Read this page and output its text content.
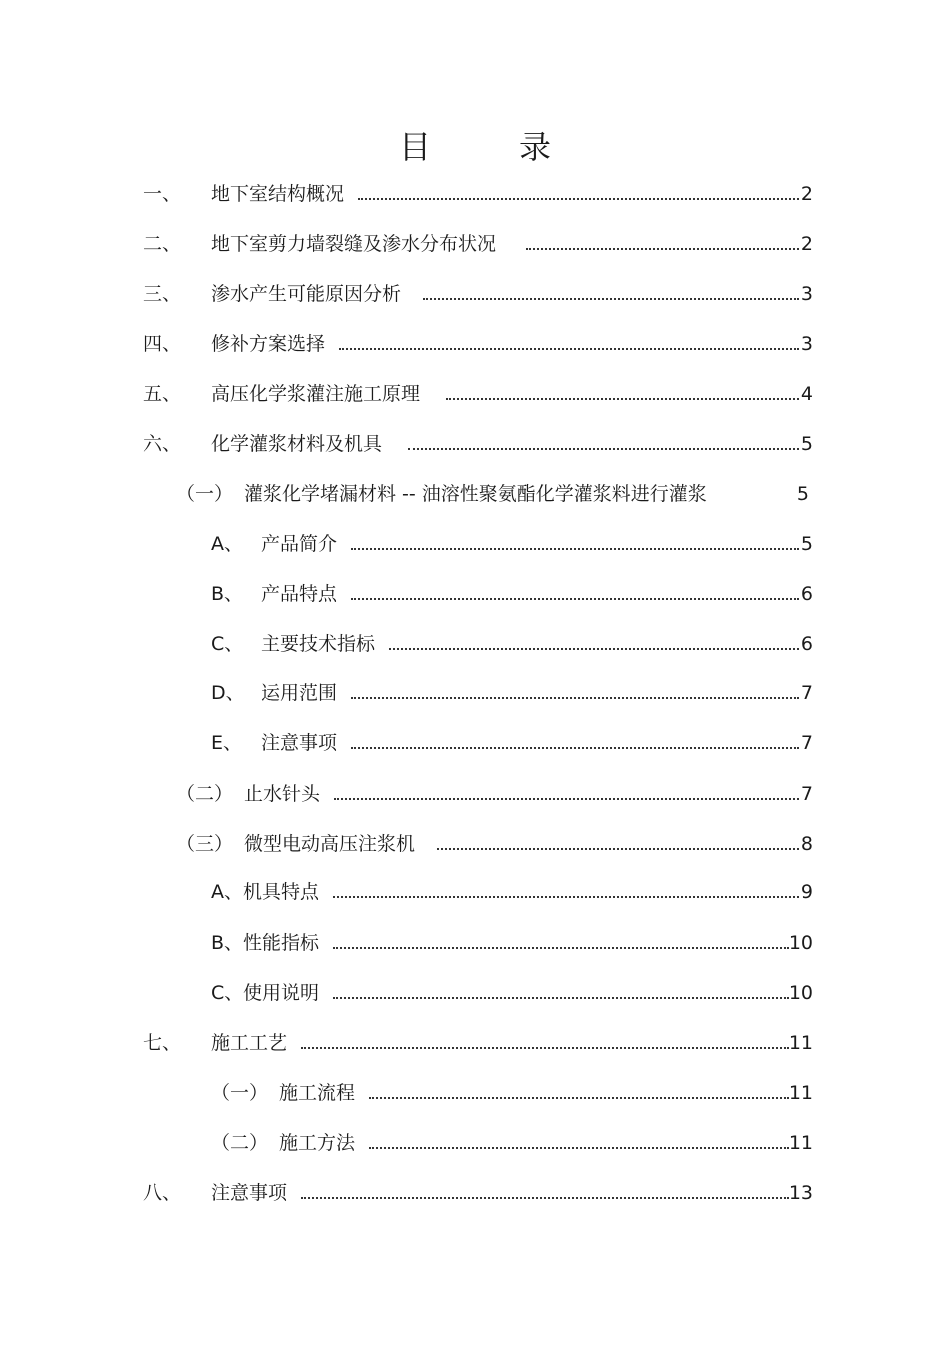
目	录
一、	地下室结构概况	2
二、	地下室剪力墙裂缝及渗水分布状况	2
三、	渗水产生可能原因分析	3
四、	修补方案选择	3
五、	高压化学浆灌注施工原理	4
六、	化学灌浆材料及机具	5
（一） 灌浆化学堵漏材料 -- 油溶性聚氨酯化学灌浆料进行灌浆	5
A、 产品简介	5
B、 产品特点	6
C、 主要技术指标	6
D、 运用范围	7
E、 注意事项	7
（二） 止水针头	7
（三） 微型电动高压注浆机	8
A、 机具特点	9
B、 性能指标	10
C、 使用说明	10
七、	施工工艺	11
（一） 施工流程	11
（二） 施工方法	11
八、	注意事项	13
